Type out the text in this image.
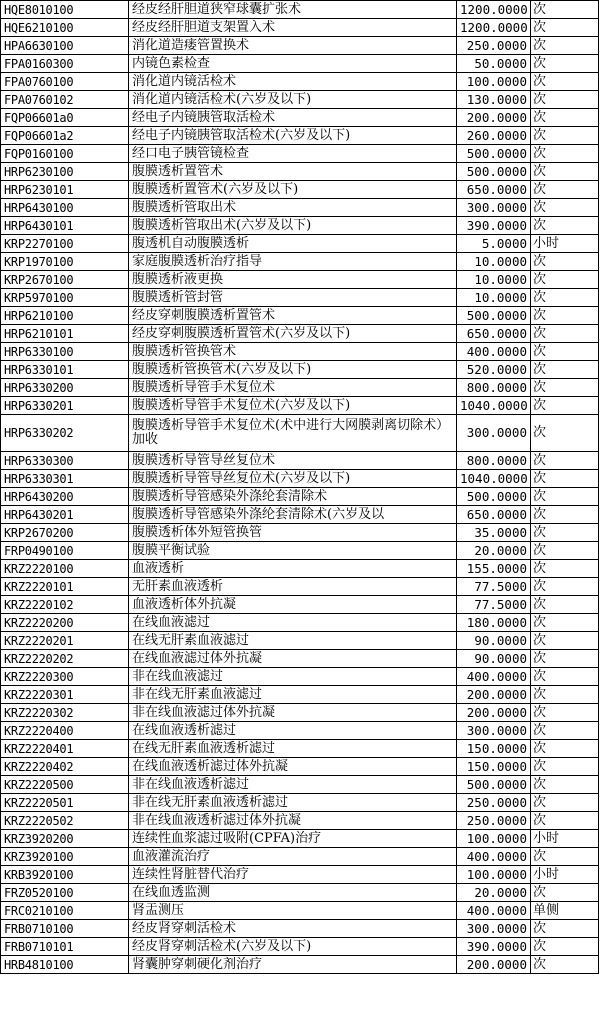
HQE8010100	经皮经肝胆道狭窄球囊扩张术	1200.0000	次
HQE6210100	经皮经肝胆道支架置入术	1200.0000	次
HPA6630100	消化道造瘘管置换术	250.0000	次
FPA0160300	内镜色素检查	50.0000	次
FPA0760100	消化道内镜活检术	100.0000	次
FPA0760102	消化道内镜活检术(六岁及以下)	130.0000	次
FQP06601a0	经电子内镜胰管取活检术	200.0000	次
FQP06601a2	经电子内镜胰管取活检术(六岁及以下)	260.0000	次
FQP0160100	经口电子胰管镜检查	500.0000	次
HRP6230100	腹膜透析置管术	500.0000	次
HRP6230101	腹膜透析置管术(六岁及以下)	650.0000	次
HRP6430100	腹膜透析管取出术	300.0000	次
HRP6430101	腹膜透析管取出术(六岁及以下)	390.0000	次
KRP2270100	腹透机自动腹膜透析	5.0000	小时
KRP1970100	家庭腹膜透析治疗指导	10.0000	次
KRP2670100	腹膜透析液更换	10.0000	次
KRP5970100	腹膜透析管封管	10.0000	次
HRP6210100	经皮穿刺腹膜透析置管术	500.0000	次
HRP6210101	经皮穿刺腹膜透析置管术(六岁及以下)	650.0000	次
HRP6330100	腹膜透析管换管术	400.0000	次
HRP6330101	腹膜透析管换管术(六岁及以下)	520.0000	次
HRP6330200	腹膜透析导管手术复位术	800.0000	次
HRP6330201	腹膜透析导管手术复位术(六岁及以下)	1040.0000	次
HRP6330202	腹膜透析导管手术复位术(术中进行大网膜剥离切除术）加收	300.0000	次
HRP6330300	腹膜透析导管导丝复位术	800.0000	次
HRP6330301	腹膜透析导管导丝复位术(六岁及以下)	1040.0000	次
HRP6430200	腹膜透析导管感染外涤纶套清除术	500.0000	次
HRP6430201	腹膜透析导管感染外涤纶套清除术(六岁及以	650.0000	次
KRP2670200	腹膜透析体外短管换管	35.0000	次
FRP0490100	腹膜平衡试验	20.0000	次
KRZ2220100	血液透析	155.0000	次
KRZ2220101	无肝素血液透析	77.5000	次
KRZ2220102	血液透析体外抗凝	77.5000	次
KRZ2220200	在线血液滤过	180.0000	次
KRZ2220201	在线无肝素血液滤过	90.0000	次
KRZ2220202	在线血液滤过体外抗凝	90.0000	次
KRZ2220300	非在线血液滤过	400.0000	次
KRZ2220301	非在线无肝素血液滤过	200.0000	次
KRZ2220302	非在线血液滤过体外抗凝	200.0000	次
KRZ2220400	在线血液透析滤过	300.0000	次
KRZ2220401	在线无肝素血液透析滤过	150.0000	次
KRZ2220402	在线血液透析滤过体外抗凝	150.0000	次
KRZ2220500	非在线血液透析滤过	500.0000	次
KRZ2220501	非在线无肝素血液透析滤过	250.0000	次
KRZ2220502	非在线血液透析滤过体外抗凝	250.0000	次
KRZ3920200	连续性血浆滤过吸附(CPFA)治疗	100.0000	小时
KRZ3920100	血液灌流治疗	400.0000	次
KRB3920100	连续性肾脏替代治疗	100.0000	小时
FRZ0520100	在线血透监测	20.0000	次
FRC0210100	肾盂测压	400.0000	单侧
FRB0710100	经皮肾穿刺活检术	300.0000	次
FRB0710101	经皮肾穿刺活检术(六岁及以下)	390.0000	次
HRB4810100	肾囊肿穿刺硬化剂治疗	200.0000	次
